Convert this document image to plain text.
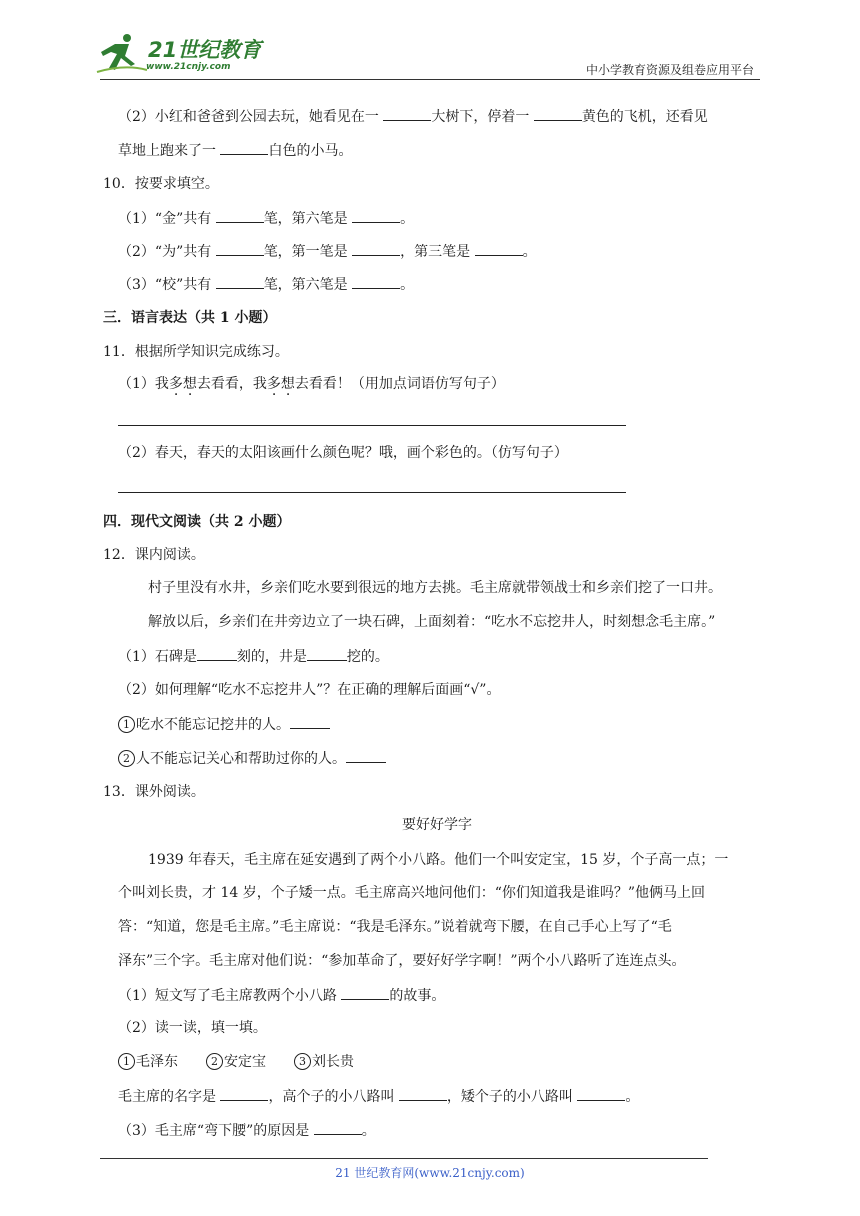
21世纪教育
www.21cnjy.com	中小学教育资源及组卷应用平台
（2）小红和爸爸到公园去玩，她看见在一	大树下，停着一	黄色的飞机，还看见
草地上跑来了一	白色的小马。
10．按要求填空。
（1）“金”共有	笔，第六笔是	。
（2）“为”共有	笔，第一笔是	，第三笔是	。
（3）“校”共有	笔，第六笔是	。
三．语言表达（共 1 小题）
11．根据所学知识完成练习。
（1）我多想去看看，我多想去看看！（用加点词语仿写句子）
（2）春天，春天的太阳该画什么颜色呢？哦，画个彩色的。（仿写句子）
四．现代文阅读（共 2 小题）
12．课内阅读。
村子里没有水井，乡亲们吃水要到很远的地方去挑。毛主席就带领战士和乡亲们挖了一口井。
解放以后，乡亲们在井旁边立了一块石碑，上面刻着：“吃水不忘挖井人，时刻想念毛主席。”
（1）石碑是	刻的，井是	挖的。
（2）如何理解“吃水不忘挖井人”？在正确的理解后面画“√”。
1 吃水不能忘记挖井的人。
2 人不能忘记关心和帮助过你的人。
13．课外阅读。
要好好学字
1939 年春天，毛主席在延安遇到了两个小八路。他们一个叫安定宝，15 岁，个子高一点；一
个叫刘长贵，才 14 岁，个子矮一点。毛主席高兴地问他们：“你们知道我是谁吗？”他俩马上回
答：“知道，您是毛主席。”毛主席说：“我是毛泽东。”说着就弯下腰，在自己手心上写了“毛
泽东”三个字。毛主席对他们说：“参加革命了，要好好学字啊！”两个小八路听了连连点头。
（1）短文写了毛主席教两个小八路	的故事。
（2）读一读，填一填。
1 毛泽东	2 安定宝	3 刘长贵
毛主席的名字是	，高个子的小八路叫	，矮个子的小八路叫	。
（3）毛主席“弯下腰”的原因是	。
21 世纪教育网(www.21cnjy.com)
